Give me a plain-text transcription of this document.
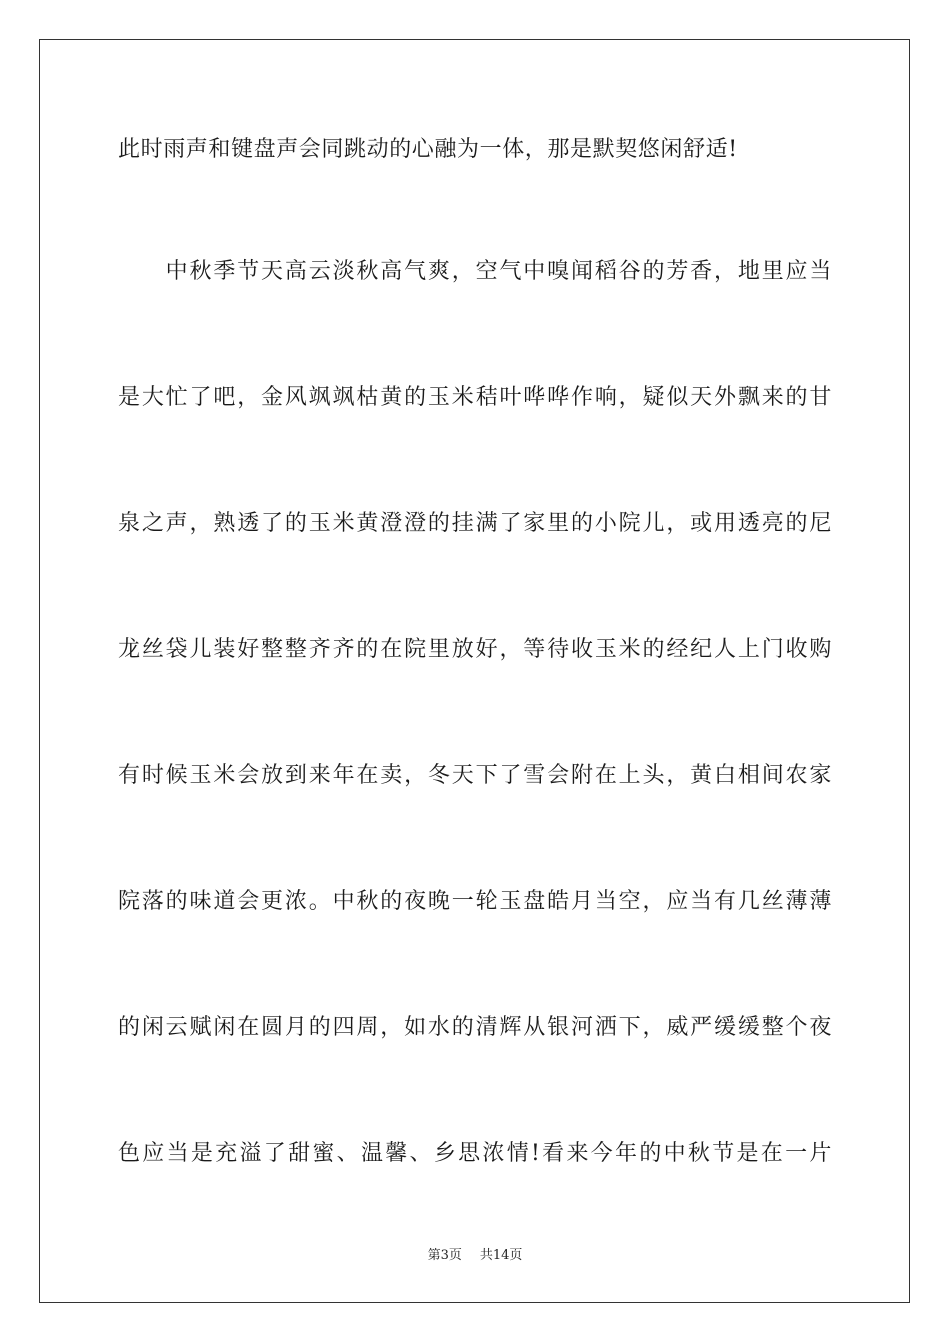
此时雨声和键盘声会同跳动的心融为一体，那是默契悠闲舒适!
　　中秋季节天高云淡秋高气爽，空气中嗅闻稻谷的芳香，地里应当
是大忙了吧，金风飒飒枯黄的玉米秸叶哗哗作响，疑似天外飘来的甘
泉之声，熟透了的玉米黄澄澄的挂满了家里的小院儿，或用透亮的尼
龙丝袋儿装好整整齐齐的在院里放好，等待收玉米的经纪人上门收购
有时候玉米会放到来年在卖，冬天下了雪会附在上头，黄白相间农家
院落的味道会更浓。中秋的夜晚一轮玉盘皓月当空，应当有几丝薄薄
的闲云赋闲在圆月的四周，如水的清辉从银河洒下，威严缓缓整个夜
色应当是充溢了甜蜜、温馨、乡思浓情!看来今年的中秋节是在一片
第3页 共14页
